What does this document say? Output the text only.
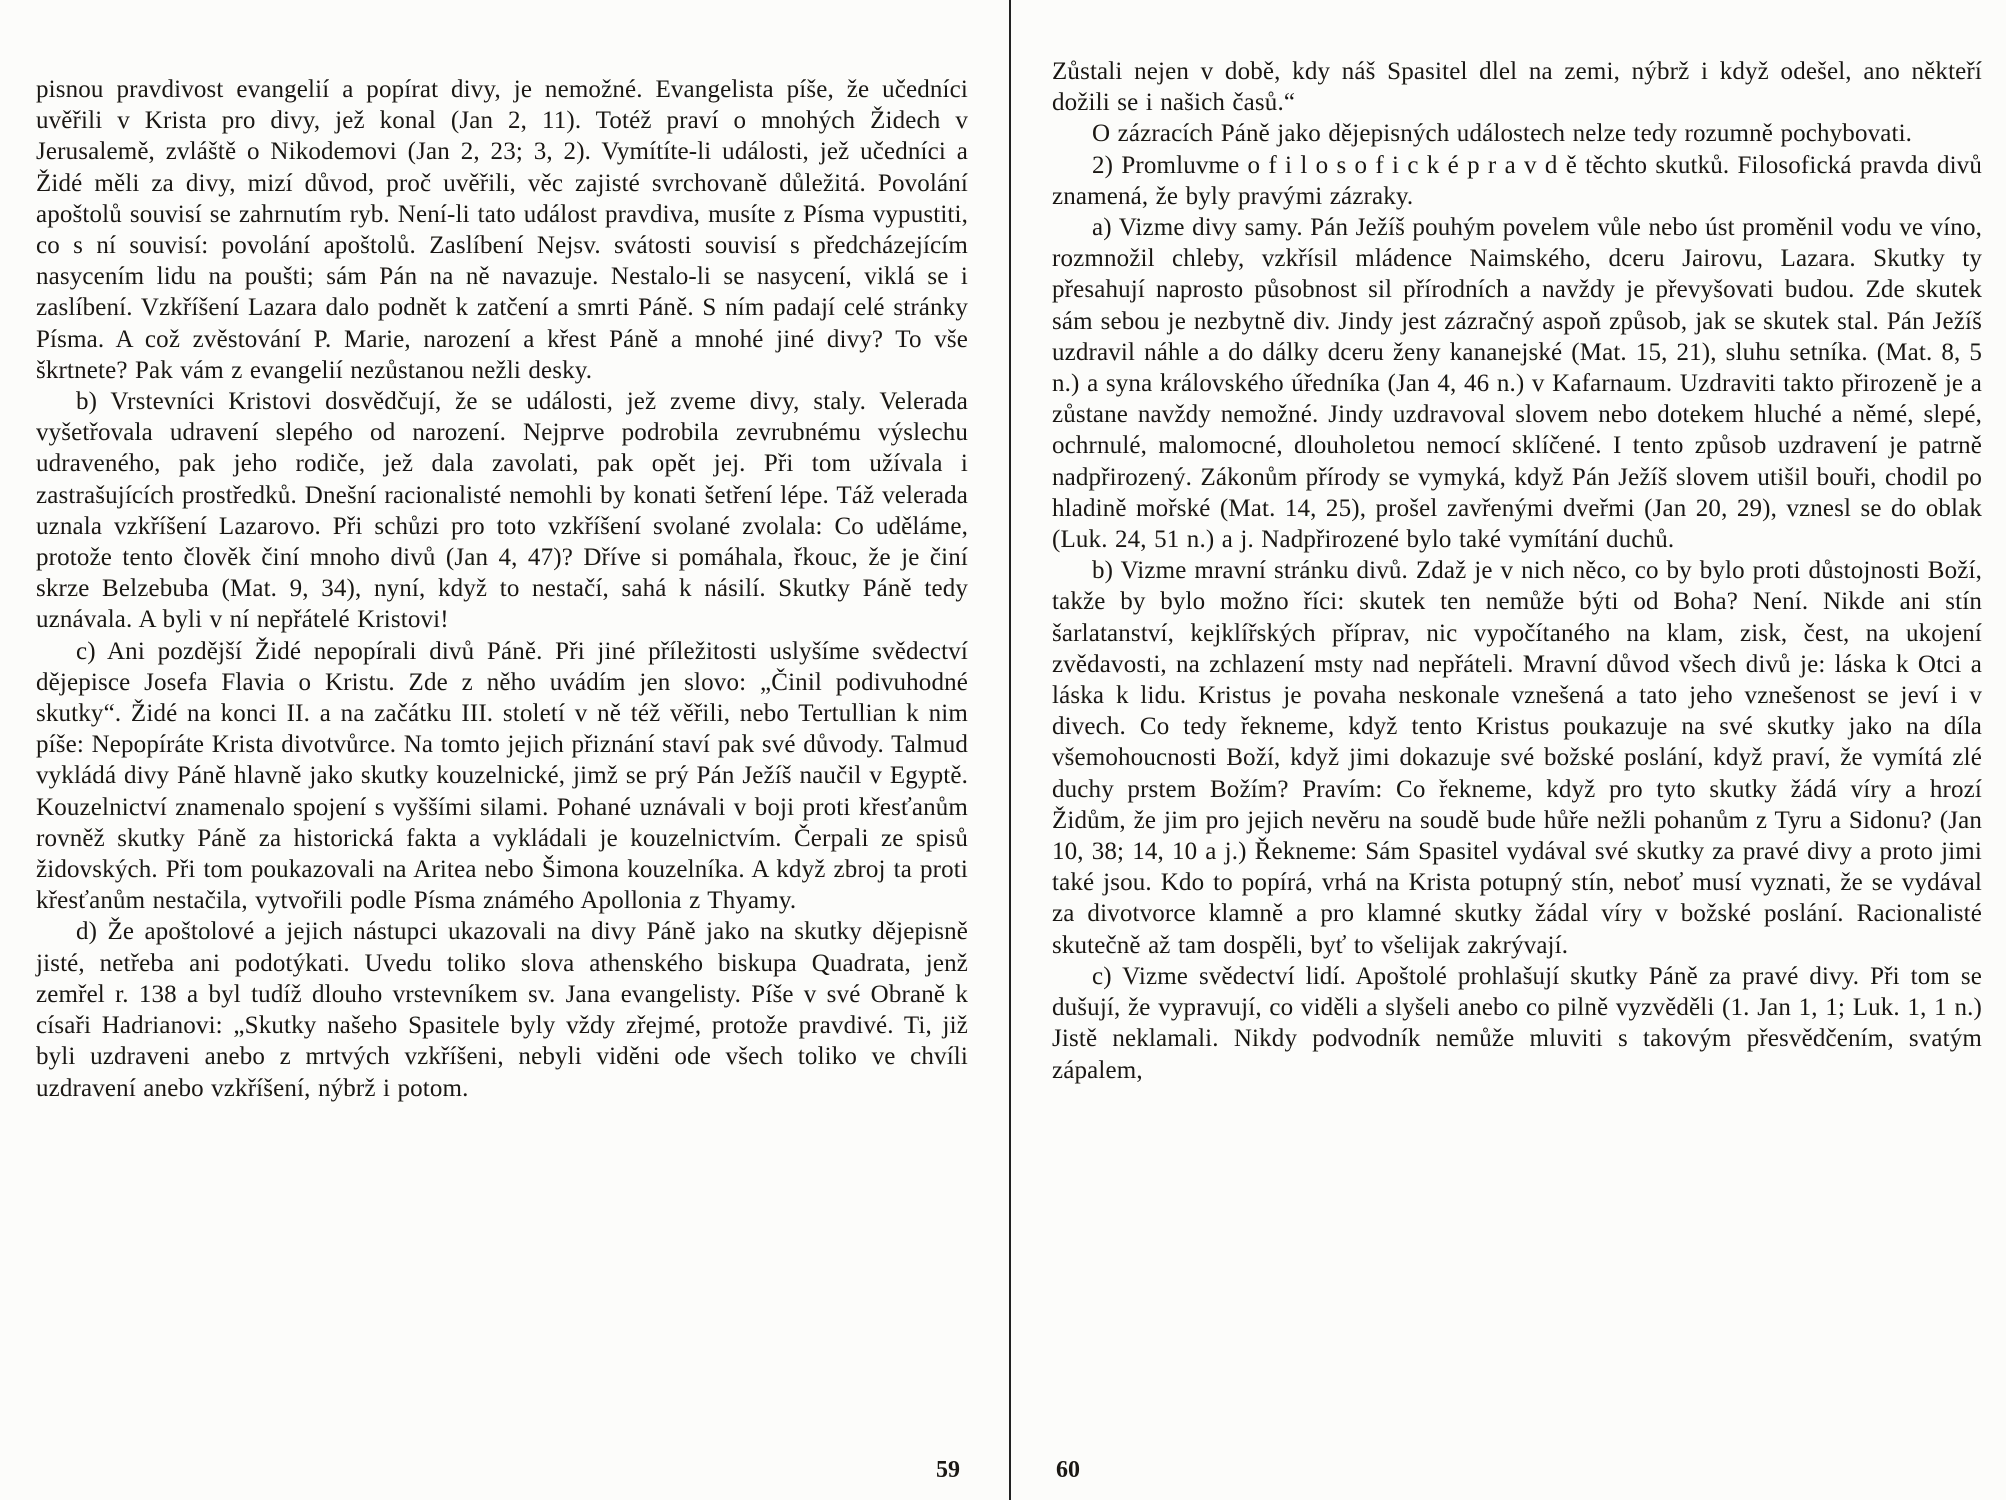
pisnou pravdivost evangelií a popírat divy, je nemožné. Evangelista píše, že učedníci uvěřili v Krista pro divy, jež konal (Jan 2, 11). Totéž praví o mnohých Židech v Jerusalemě, zvláště o Nikodemovi (Jan 2, 23; 3, 2). Vymítíte-li události, jež učedníci a Židé měli za divy, mizí důvod, proč uvěřili, věc zajisté svrchovaně důležitá. Povolání apoštolů souvisí se zahrnutím ryb. Není-li tato událost pravdiva, musíte z Písma vypustiti, co s ní souvisí: povolání apoštolů. Zaslíbení Nejsv. svátosti souvisí s předcházejícím nasycením lidu na poušti; sám Pán na ně navazuje. Nestalo-li se nasycení, viklá se i zaslíbení. Vzkříšení Lazara dalo podnět k zatčení a smrti Páně. S ním padají celé stránky Písma. A což zvěstování P. Marie, narození a křest Páně a mnohé jiné divy? To vše škrtnete? Pak vám z evangelií nezůstanou nežli desky.

b) Vrstevníci Kristovi dosvědčují, že se události, jež zveme divy, staly. Velerada vyšetřovala udravení slepého od narození. Nejprve podrobila zevrubnému výslechu udraveného, pak jeho rodiče, jež dala zavolati, pak opět jej. Při tom užívala i zastrašujících prostředků. Dnešní racionalisté nemohli by konati šetření lépe. Táž velerada uznala vzkříšení Lazarovo. Při schůzi pro toto vzkříšení svolané zvolala: Co uděláme, protože tento člověk činí mnoho divů (Jan 4, 47)? Dříve si pomáhala, řkouc, že je činí skrze Belzebuba (Mat. 9, 34), nyní, když to nestačí, sahá k násilí. Skutky Páně tedy uznávala. A byli v ní nepřátelé Kristovi!

c) Ani pozdější Židé nepopírali divů Páně. Při jiné příležitosti uslyšíme svědectví dějepisce Josefa Flavia o Kristu. Zde z něho uvádím jen slovo: „Činil podivuhodné skutky“. Židé na konci II. a na začátku III. století v ně též věřili, nebo Tertullian k nim píše: Nepopíráte Krista divotvůrce. Na tomto jejich přiznání staví pak své důvody. Talmud vykládá divy Páně hlavně jako skutky kouzelnické, jimž se prý Pán Ježíš naučil v Egyptě. Kouzelnictví znamenalo spojení s vyššími silami. Pohané uznávali v boji proti křesťanům rovněž skutky Páně za historická fakta a vykládali je kouzelnictvím. Čerpali ze spisů židovských. Při tom poukazovali na Aritea nebo Šimona kouzelníka. A když zbroj ta proti křesťanům nestačila, vytvořili podle Písma známého Apollonia z Thyamy.

d) Že apoštolové a jejich nástupci ukazovali na divy Páně jako na skutky dějepisně jisté, netřeba ani podotýkati. Uvedu toliko slova athenského biskupa Quadrata, jenž zemřel r. 138 a byl tudíž dlouho vrstevníkem sv. Jana evangelisty. Píše v své Obraně k císaři Hadrianovi: „Skutky našeho Spasitele byly vždy zřejmé, protože pravdivé. Ti, již byli uzdraveni anebo z mrtvých vzkříšeni, nebyli viděni ode všech toliko ve chvíli uzdravení anebo vzkříšení, nýbrž i potom.

59

Zůstali nejen v době, kdy náš Spasitel dlel na zemi, nýbrž i když odešel, ano někteří dožili se i našich časů.“

O zázracích Páně jako dějepisných událostech nelze tedy rozumně pochybovati.

2) Promluvme o f i l o s o f i c k é p r a v d ě těchto skutků. Filosofická pravda divů znamená, že byly pravými zázraky.

a) Vizme divy samy. Pán Ježíš pouhým povelem vůle nebo úst proměnil vodu ve víno, rozmnožil chleby, vzkřísil mládence Naimského, dceru Jairovu, Lazara. Skutky ty přesahují naprosto působnost sil přírodních a navždy je převyšovati budou. Zde skutek sám sebou je nezbytně div. Jindy jest zázračný aspoň způsob, jak se skutek stal. Pán Ježíš uzdravil náhle a do dálky dceru ženy kananejské (Mat. 15, 21), sluhu setníka. (Mat. 8, 5 n.) a syna královského úředníka (Jan 4, 46 n.) v Kafarnaum. Uzdraviti takto přirozeně je a zůstane navždy nemožné. Jindy uzdravoval slovem nebo dotekem hluché a němé, slepé, ochrnulé, malomocné, dlouholetou nemocí sklíčené. I tento způsob uzdravení je patrně nadpřirozený. Zákonům přírody se vymyká, když Pán Ježíš slovem utišil bouři, chodil po hladině mořské (Mat. 14, 25), prošel zavřenými dveřmi (Jan 20, 29), vznesl se do oblak (Luk. 24, 51 n.) a j. Nadpřirozené bylo také vymítání duchů.

b) Vizme mravní stránku divů. Zdaž je v nich něco, co by bylo proti důstojnosti Boží, takže by bylo možno říci: skutek ten nemůže býti od Boha? Není. Nikde ani stín šarlatanství, kejklířských příprav, nic vypočítaného na klam, zisk, čest, na ukojení zvědavosti, na zchlazení msty nad nepřáteli. Mravní důvod všech divů je: láska k Otci a láska k lidu. Kristus je povaha neskonale vznešená a tato jeho vznešenost se jeví i v divech. Co tedy řekneme, když tento Kristus poukazuje na své skutky jako na díla všemohoucnosti Boží, když jimi dokazuje své božské poslání, když praví, že vymítá zlé duchy prstem Božím? Pravím: Co řekneme, když pro tyto skutky žádá víry a hrozí Židům, že jim pro jejich nevěru na soudě bude hůře nežli pohanům z Tyru a Sidonu? (Jan 10, 38; 14, 10 a j.) Řekneme: Sám Spasitel vydával své skutky za pravé divy a proto jimi také jsou. Kdo to popírá, vrhá na Krista potupný stín, neboť musí vyznati, že se vydával za divotvorce klamně a pro klamné skutky žádal víry v božské poslání. Racionalisté skutečně až tam dospěli, byť to všelijak zakrývají.

c) Vizme svědectví lidí. Apoštolé prohlašují skutky Páně za pravé divy. Při tom se dušují, že vypravují, co viděli a slyšeli anebo co pilně vyzvěděli (1. Jan 1, 1; Luk. 1, 1 n.) Jistě neklamali. Nikdy podvodník nemůže mluviti s takovým přesvědčením, svatým zápalem,

60
